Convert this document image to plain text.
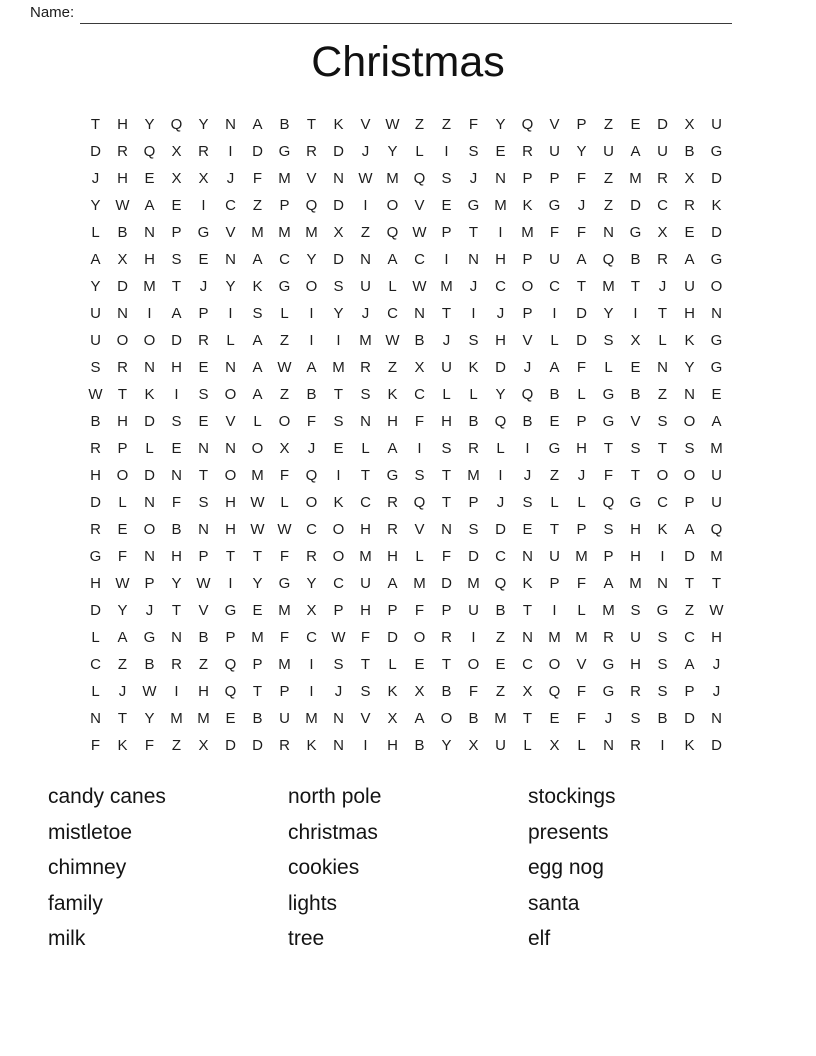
Name:
Christmas
T	H	Y	Q	Y	N	A	B	T	K	V W	Z	Z	F	Y	Q	V	P	Z	E	D	X	U
D	R	Q	X	R	I	D	G	R	D	J	Y	L	I	S	E	R	U	Y	U	A	U	B	G
J	H	E	X	X	J	F	M	V	N W M Q	S	J	N	P	P	F	Z	M	R	X	D
Y W A	E	I	C	Z	P	Q	D	I	O	V	E	G M	K	G	J	Z	D	C	R	K
L	B	N	P	G	V	M M M	X	Z	Q W P	T	I	M	F	F	N	G	X	E	D
A	X	H	S	E	N	A	C	Y	D	N	A	C	I	N	H	P	U	A	Q	B	R	A	G
Y	D	M	T	J	Y	K	G	O	S	U	L	W M	J	C	O	C	T	M	T	J	U	O
U	N	I	A	P	I	S	L	I	Y	J	C	N	T	I	J	P	I	D	Y	I	T	H	N
U	O	O	D	R	L	A	Z	I	I	M W B	J	S	H	V	L	D	S	X	L	K	G
S	R	N	H	E	N	A W A	M	R	Z	X	U	K	D	J	A	F	L	E	N	Y	G
W	T	K	I	S	O	A	Z	B	T	S	K	C	L	L	Y	Q	B	L	G	B	Z	N	E
B	H	D	S	E	V	L	O	F	S	N	H	F	H	B	Q	B	E	P	G	V	S	O	A
R	P	L	E	N	N	O	X	J	E	L	A	I	S	R	L	I	G	H	T	S	T	S	M
H	O	D	N	T	O M	F	Q	I	T	G	S	T	M	I	J	Z	J	F	T	O	O	U
D	L	N	F	S	H W	L	O	K	C	R	Q	T	P	J	S	L	L	Q	G	C	P	U
R	E	O	B	N	H W W C	O	H	R	V	N	S	D	E	T	P	S	H	K	A	Q
G	F	N	H	P	T	T	F	R	O M	H	L	F	D	C	N	U	M	P	H	I	D	M
H W P	Y W	I	Y	G	Y	C	U	A	M	D	M Q	K	P	F	A	M	N	T	T
D	Y	J	T	V	G	E	M	X	P	H	P	F	P	U	B	T	I	L	M	S	G	Z	W
L	A	G	N	B	P	M	F	C W	F	D	O	R	I	Z	N	M M	R	U	S	C	H
C	Z	B	R	Z	Q	P	M	I	S	T	L	E	T	O	E	C	O	V	G	H	S	A	J
L	J	W	I	H	Q	T	P	I	J	S	K	X	B	F	Z	X	Q	F	G	R	S	P	J
N	T	Y	M M	E	B	U	M	N	V	X	A	O	B	M	T	E	F	J	S	B	D	N
F	K	F	Z	X	D	D	R	K	N	I	H	B	Y	X	U	L	X	L	N	R	I	K	D
candy canes
mistletoe
chimney
family
milk
north pole
christmas
cookies
lights
tree
stockings
presents
egg nog
santa
elf
